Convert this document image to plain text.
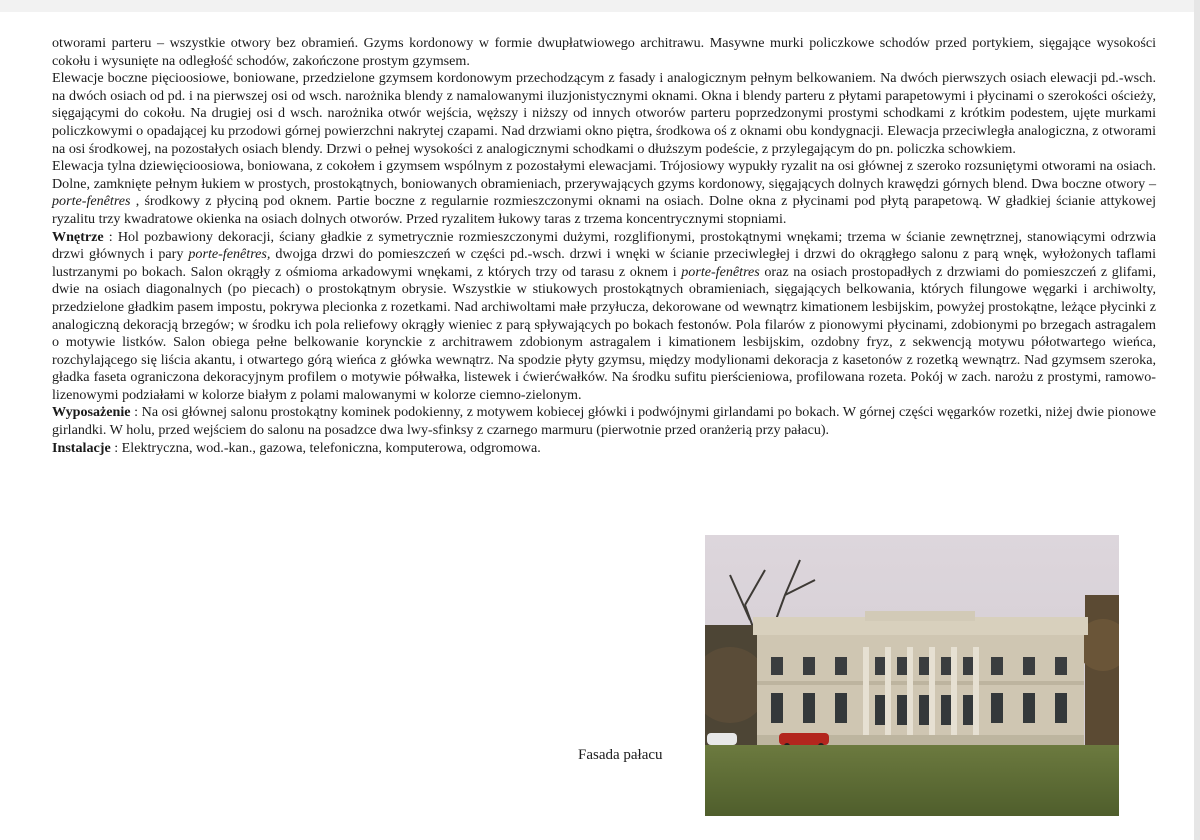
otworami parteru – wszystkie otwory bez obramień. Gzyms kordonowy w formie dwupłatwiowego architrawu. Masywne murki policzkowe schodów przed portykiem, sięgające wysokości cokołu i wysunięte na odległość schodów, zakończone prostym gzymsem.

Elewacje boczne pięcioosiowe, boniowane, przedzielone gzymsem kordonowym przechodzącym z fasady i analogicznym pełnym belkowaniem. Na dwóch pierwszych osiach elewacji pd.-wsch. na dwóch osiach od pd. i na pierwszej osi od wsch. narożnika blendy z namalowanymi iluzjonistycznymi oknami. Okna i blendy parteru z płytami parapetowymi i płycinami o szerokości ościeży, sięgającymi do cokołu. Na drugiej osi d wsch. narożnika otwór wejścia, węższy i niższy od innych otworów parteru poprzedzonymi prostymi schodkami z krótkim podestem, ujęte murkami policzkowymi o opadającej ku przodowi górnej powierzchni nakrytej czapami. Nad drzwiami okno piętra, środkowa oś z oknami obu kondygnacji. Elewacja przeciwległa analogiczna, z otworami na osi środkowej, na pozostałych osiach blendy. Drzwi o pełnej wysokości z analogicznymi schodkami o dłuższym podeście, z przylegającym do pn. policzka schowkiem.

Elewacja tylna dziewięcioosiowa, boniowana, z cokołem i gzymsem wspólnym z pozostałymi elewacjami. Trójosiowy wypukły ryzalit na osi głównej z szeroko rozsuniętymi otworami na osiach. Dolne, zamknięte pełnym łukiem w prostych, prostokątnych, boniowanych obramieniach, przerywających gzyms kordonowy, sięgających dolnych krawędzi górnych blend. Dwa boczne otwory – porte-fenêtres , środkowy z płyciną pod oknem. Partie boczne z regularnie rozmieszczonymi oknami na osiach. Dolne okna z płycinami pod płytą parapetową. W gładkiej ścianie attykowej ryzalitu trzy kwadratowe okienka na osiach dolnych otworów. Przed ryzalitem łukowy taras z trzema koncentrycznymi stopniami.

Wnętrze : Hol pozbawiony dekoracji, ściany gładkie z symetrycznie rozmieszczonymi dużymi, rozglifionymi, prostokątnymi wnękami; trzema w ścianie zewnętrznej, stanowiącymi odrzwia drzwi głównych i pary porte-fenêtres, dwojga drzwi do pomieszczeń w części pd.-wsch. drzwi i wnęki w ścianie przeciwległej i drzwi do okrągłego salonu z parą wnęk, wyłożonych taflami lustrzanymi po bokach. Salon okrągły z ośmioma arkadowymi wnękami, z których trzy od tarasu z oknem i porte-fenêtres oraz na osiach prostopadłych z drzwiami do pomieszczeń z glifami, dwie na osiach diagonalnych (po piecach) o prostokątnym obrysie. Wszystkie w stiukowych prostokątnych obramieniach, sięgających belkowania, których filungowe węgarki i archiwolty, przedzielone gładkim pasem impostu, pokrywa plecionka z rozetkami. Nad archiwoltami małe przyłucza, dekorowane od wewnątrz kimationem lesbijskim, powyżej prostokątne, leżące płycinki z analogiczną dekoracją brzegów; w środku ich pola reliefowy okrągły wieniec z parą spływających po bokach festonów. Pola filarów z pionowymi płycinami, zdobionymi po brzegach astragalem o motywie listków. Salon obiega pełne belkowanie korynckie z architrawem zdobionym astragalem i kimationem lesbijskim, ozdobny fryz, z sekwencją motywu półotwartego wieńca, rozchylającego się liścia akantu, i otwartego górą wieńca z główka wewnątrz. Na spodzie płyty gzymsu, między modylionami dekoracja z kasetonów z rozetką wewnątrz. Nad gzymsem szeroka, gładka faseta ograniczona dekoracyjnym profilem o motywie półwałka, listewek i ćwierćwałków. Na środku sufitu pierścieniowa, profilowana rozeta. Pokój w zach. narożu z prostymi, ramowo-lizenowymi podziałami w kolorze białym z polami malowanymi w kolorze ciemno-zielonym.

Wyposażenie : Na osi głównej salonu prostokątny kominek podokienny, z motywem kobiecej główki i podwójnymi girlandami po bokach. W górnej części węgarków rozetki, niżej dwie pionowe girlandki. W holu, przed wejściem do salonu na posadzce dwa lwy-sfinksy z czarnego marmuru (pierwotnie przed oranżerią przy pałacu).

Instalacje : Elektryczna, wod.-kan., gazowa, telefoniczna, komputerowa, odgromowa.

Fasada pałacu
